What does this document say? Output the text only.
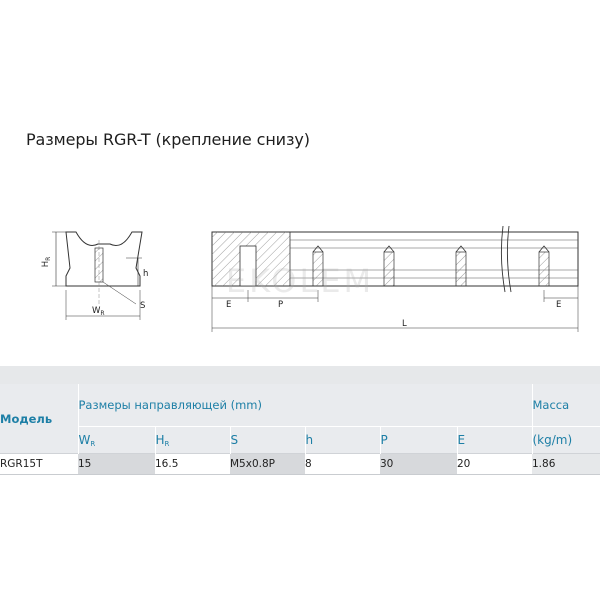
Размеры RGR-T (крепление снизу)
$H_R$
h
$W_R$
S	E	P	E
L
EKOLEM

Модель	Размеры направляющей (mm)						Масса
	$W_R$	$H_R$	S	h	P	E	(kg/m)
RGR15T	15	16.5	M5x0.8P	8	30	20	1.86
